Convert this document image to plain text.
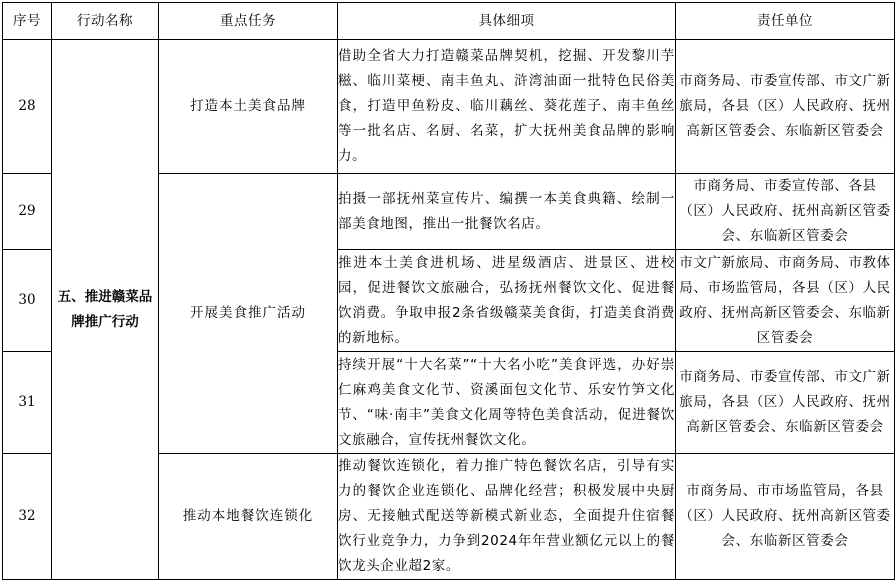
序号	行动名称	重点任务	具体细项	责任单位
28	五、推进赣菜品牌推广行动	打造本土美食品牌	借助全省大力打造赣菜品牌契机，挖掘、开发黎川芋糍、临川菜梗、南丰鱼丸、浒湾油面一批特色民俗美食，打造甲鱼粉皮、临川藕丝、葵花莲子、南丰鱼丝等一批名店、名厨、名菜，扩大抚州美食品牌的影响力。	市商务局、市委宣传部、市文广新旅局，各县（区）人民政府、抚州高新区管委会、东临新区管委会
29		开展美食推广活动	拍摄一部抚州菜宣传片、编撰一本美食典籍、绘制一部美食地图，推出一批餐饮名店。	市商务局、市委宣传部、各县（区）人民政府、抚州高新区管委会、东临新区管委会
30			推进本土美食进机场、进星级酒店、进景区、进校园，促进餐饮文旅融合，弘扬抚州餐饮文化、促进餐饮消费。争取申报2条省级赣菜美食街，打造美食消费的新地标。	市文广新旅局、市商务局、市教体局、市场监管局，各县（区）人民政府、抚州高新区管委会、东临新区管委会
31			持续开展“十大名菜”“十大名小吃”美食评选，办好崇仁麻鸡美食文化节、资溪面包文化节、乐安竹笋文化节、“味·南丰”美食文化周等特色美食活动，促进餐饮文旅融合，宣传抚州餐饮文化。	市商务局、市委宣传部、市文广新旅局，各县（区）人民政府、抚州高新区管委会、东临新区管委会
32		推动本地餐饮连锁化	推动餐饮连锁化，着力推广特色餐饮名店，引导有实力的餐饮企业连锁化、品牌化经营；积极发展中央厨房、无接触式配送等新模式新业态，全面提升住宿餐饮行业竞争力，力争到2024年年营业额亿元以上的餐饮龙头企业超2家。	市商务局、市市场监管局，各县（区）人民政府、抚州高新区管委会、东临新区管委会
